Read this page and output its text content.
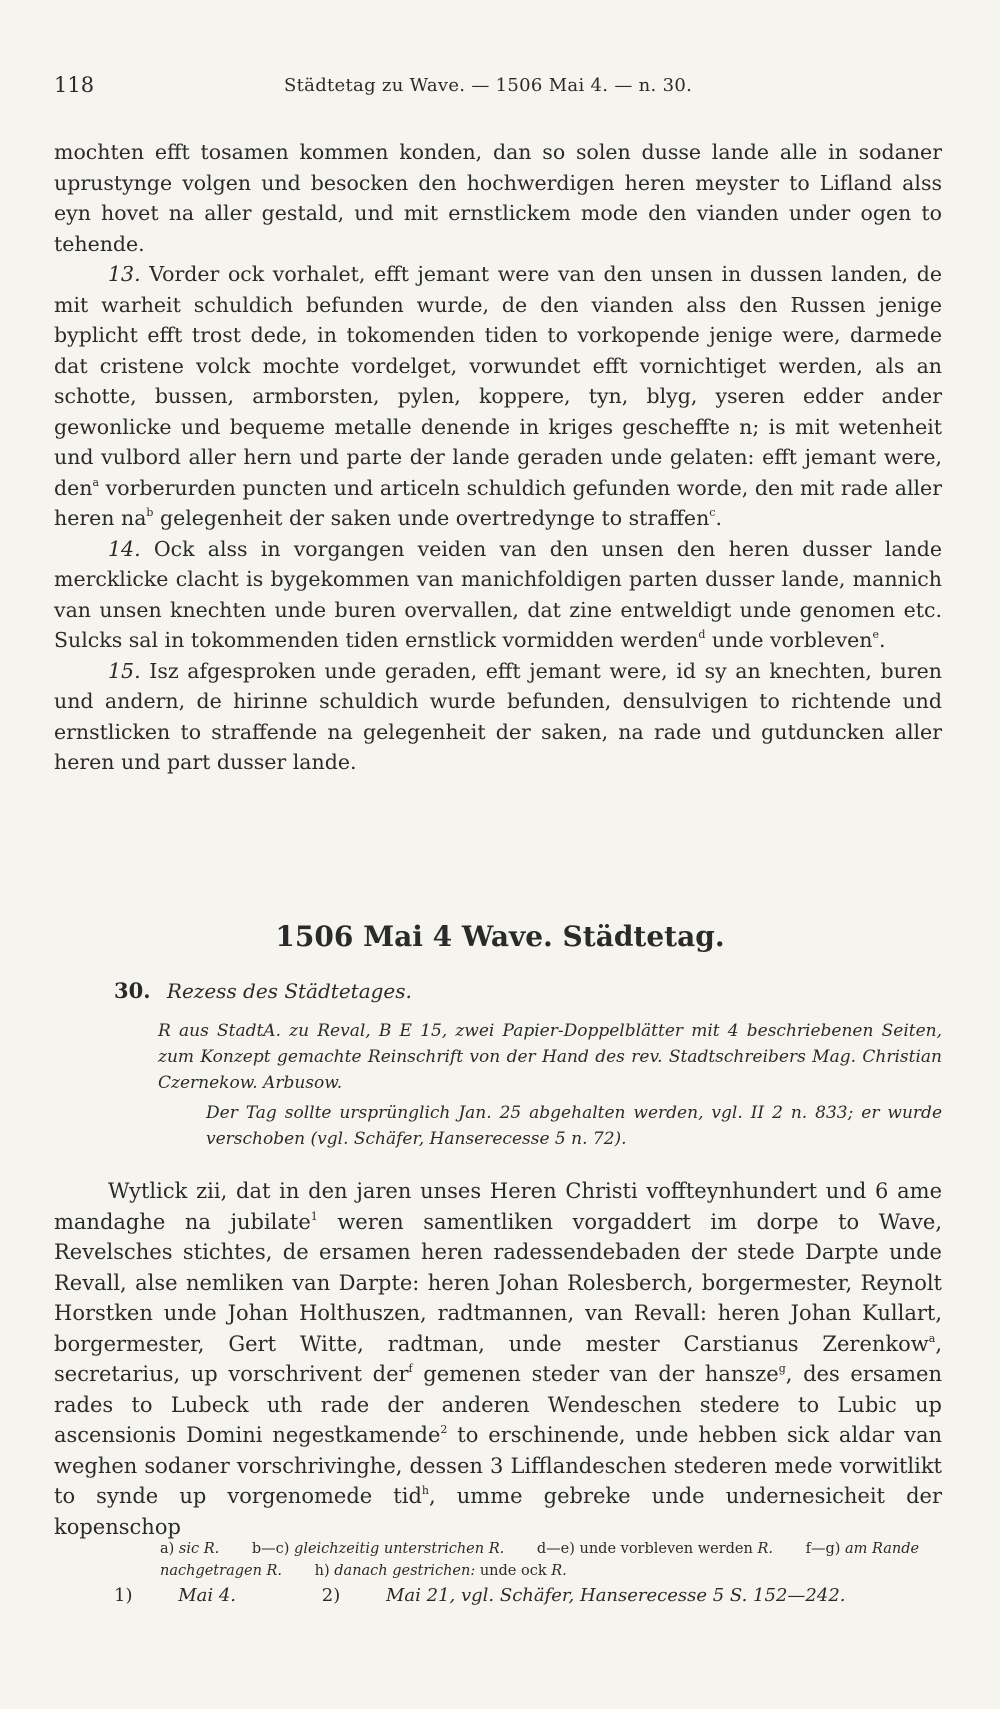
118	Städtetag zu Wave. — 1506 Mai 4. — n. 30.

mochten efft tosamen kommen konden, dan so solen dusse lande alle in sodaner uprustynge volgen und besocken den hochwerdigen heren meyster to Lifland alss eyn hovet na aller gestald, und mit ernstlickem mode den vianden under ogen to tehende.

13. Vorder ock vorhalet, efft jemant were van den unsen in dussen landen, de mit warheit schuldich befunden wurde, de den vianden alss den Russen jenige byplicht efft trost dede, in tokomenden tiden to vorkopende jenige were, darmede dat cristene volck mochte vordelget, vorwundet efft vornichtiget werden, als an schotte, bussen, armborsten, pylen, koppere, tyn, blyg, yseren edder ander gewonlicke und bequeme metalle denende in kriges gescheffte n; is mit wetenheit und vulbord aller hern und parte der lande geraden unde gelaten: efft jemant were, den$^a$ vorberurden puncten und articeln schuldich gefunden worde, den mit rade aller heren $na^b$ gelegenheit der saken unde overtredynge to straffen$^c$.

14. Ock alss in vorgangen veiden van den unsen den heren dusser lande mercklicke clacht is bygekommen van manichfoldigen parten dusser lande, mannich van unsen knechten unde buren overvallen, dat zine entweldigt unde genomen etc. Sulcks sal in tokommenden tiden ernstlick vormidden werden$^d$ unde vorbleven$^e$.

15. Isz afgesproken unde geraden, efft jemant were, id sy an knechten, buren und andern, de hirinne schuldich wurde befunden, densulvigen to richtende und ernstlicken to straffende na gelegenheit der saken, na rade und gutduncken aller heren und part dusser lande.

1506 Mai 4 Wave. Städtetag.
30. Rezess des Städtetages.
R aus StadtA. zu Reval, B E 15, zwei Papier-Doppelblätter mit 4 beschriebenen Seiten, zum Konzept gemachte Reinschrift von der Hand des rev. Stadtschreibers Mag. Christian Czernekow. Arbusow.
Der Tag sollte ursprünglich Jan. 25 abgehalten werden, vgl. II 2 n. 833; er wurde verschoben (vgl. Schäfer, Hanserecesse 5 n. 72).

Wytlick zii, dat in den jaren unses Heren Christi voffteynhundert und 6 ame mandaghe na jubilate$^1$ weren samentliken vorgaddert im dorpe to Wave, Revelsches stichtes, de ersamen heren radessendebaden der stede Darpte unde Revall, alse nemliken van Darpte: heren Johan Rolesberch, borgermester, Reynolt Horstken unde Johan Holthuszen, radtmannen, van Revall: heren Johan Kullart, borgermester, Gert Witte, radtman, unde mester Carstianus Zerenkow$^a$, secretarius, up vorschrivent der$^f$ gemenen steder van der hansze$^g$, des ersamen rades to Lubeck uth rade der anderen Wendeschen stedere to Lubic up ascensionis Domini negestkamende$^2$ to erschinende, unde hebben sick aldar van weghen sodaner vorschrivinghe, dessen 3 Lifflandeschen stederen mede vorwitlikt to synde up vorgenomede tid$^h$, umme gebreke unde undernesicheit der kopenschop

a) sic R. b—c) gleichzeitig unterstrichen R. d—e) unde vorbleven werden R. f—g) am Rande nachgetragen R. h) danach gestrichen: unde ock R.
1)	Mai 4.	2)	Mai 21, vgl. Schäfer, Hanserecesse 5 S. 152—242.
